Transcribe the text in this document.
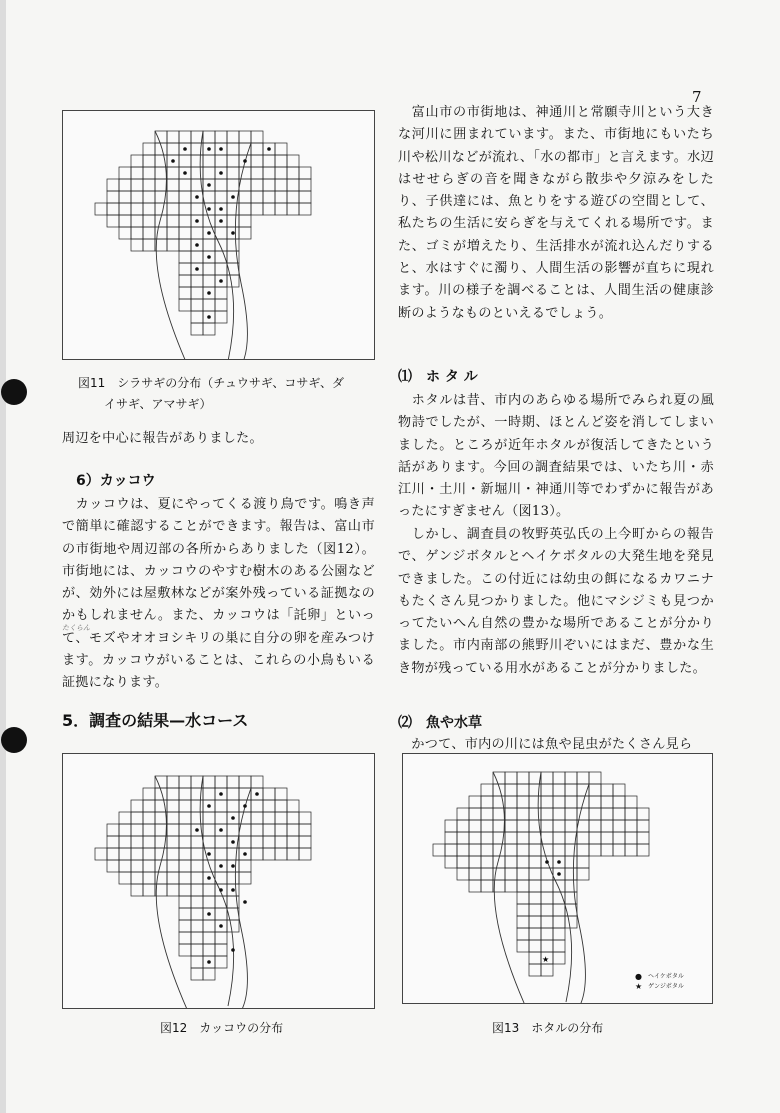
7
図11　シラサギの分布（チュウサギ、コサギ、ダ
イサギ、アマサギ）

周辺を中心に報告がありました。

6）カッコウ

　カッコウは、夏にやってくる渡り鳥です。鳴き声で簡単に確認することができます。報告は、富山市の市街地や周辺部の各所からありました（図12）。市街地には、カッコウのやすむ樹木のある公園などが、効外には屋敷林などが案外残っている証拠なのかもしれません。また、カッコウは「託卵」といって、モズやオオヨシキリの巣に自分の卵を産みつけます。カッコウがいることは、これらの小鳥もいる証拠になります。

たくらん
5．調査の結果—水コース
図12　カッコウの分布

　富山市の市街地は、神通川と常願寺川という大きな河川に囲まれています。また、市街地にもいたち川や松川などが流れ、「水の都市」と言えます。水辺はせせらぎの音を聞きながら散歩や夕涼みをしたり、子供達には、魚とりをする遊びの空間として、私たちの生活に安らぎを与えてくれる場所です。また、ゴミが増えたり、生活排水が流れ込んだりすると、水はすぐに濁り、人間生活の影響が直ちに現れます。川の様子を調べることは、人間生活の健康診断のようなものといえるでしょう。

⑴　ホ タ ル

　ホタルは昔、市内のあらゆる場所でみられ夏の風物詩でしたが、一時期、ほとんど姿を消してしまいました。ところが近年ホタルが復活してきたという話があります。今回の調査結果では、いたち川・赤江川・土川・新堀川・神通川等でわずかに報告があったにすぎません（図13）。

　しかし、調査員の牧野英弘氏の上今町からの報告で、ゲンジボタルとヘイケボタルの大発生地を発見できました。この付近には幼虫の餌になるカワニナもたくさん見つかりました。他にマシジミも見つかってたいへん自然の豊かな場所であることが分かりました。市内南部の熊野川ぞいにはまだ、豊かな生き物が残っている用水があることが分かりました。

⑵　魚や水草

　かつて、市内の川には魚や昆虫がたくさん見ら

★
● ヘイケボタル
★ ゲンジボタル
図13　ホタルの分布
